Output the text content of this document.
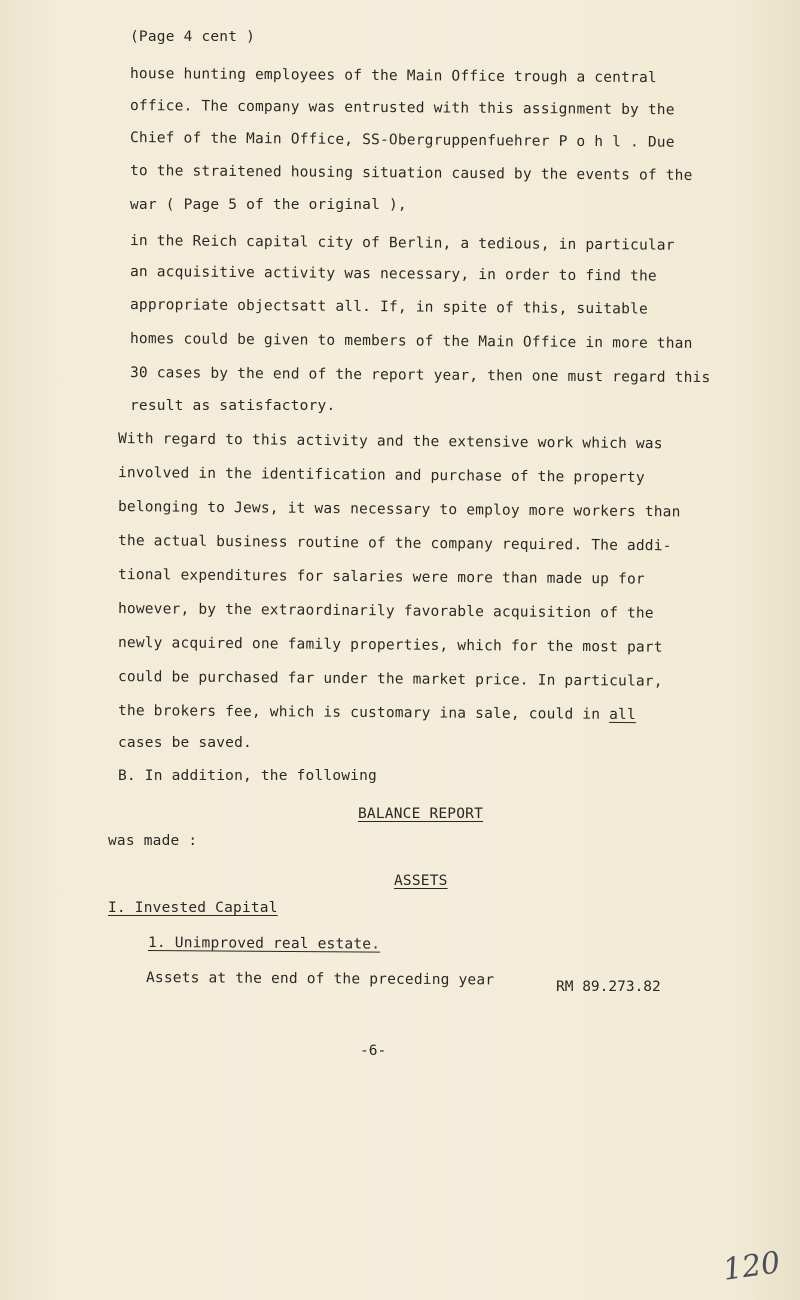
(Page 4 cent )
house hunting employees of the Main Office trough a central
office. The company was entrusted with this assignment by the
Chief of the Main Office, SS-Obergruppenfuehrer P o h l . Due
to the straitened housing situation caused by the events of the
war ( Page 5 of the original ),
in the Reich capital city of Berlin, a tedious, in particular
an acquisitive activity was necessary, in order to find the
appropriate objectsatt all. If, in spite of this, suitable
homes could be given to members of the Main Office in more than
30 cases by the end of the report year, then one must regard this
result as satisfactory.
With regard to this activity and the extensive work which was
involved in the identification and purchase of the property
belonging to Jews, it was necessary to employ more workers than
the actual business routine of the company required. The addi-
tional expenditures for salaries were more than made up for
however, by the extraordinarily favorable acquisition of the
newly acquired one family properties, which for the most part
could be purchased far under the market price. In particular,
the brokers fee, which is customary ina sale, could in all
cases be saved.
B. In addition, the following
BALANCE REPORT
was made :
ASSETS
I. Invested Capital
1. Unimproved real estate.
Assets at the end of the preceding year	RM 89.273.82
-6-
120
